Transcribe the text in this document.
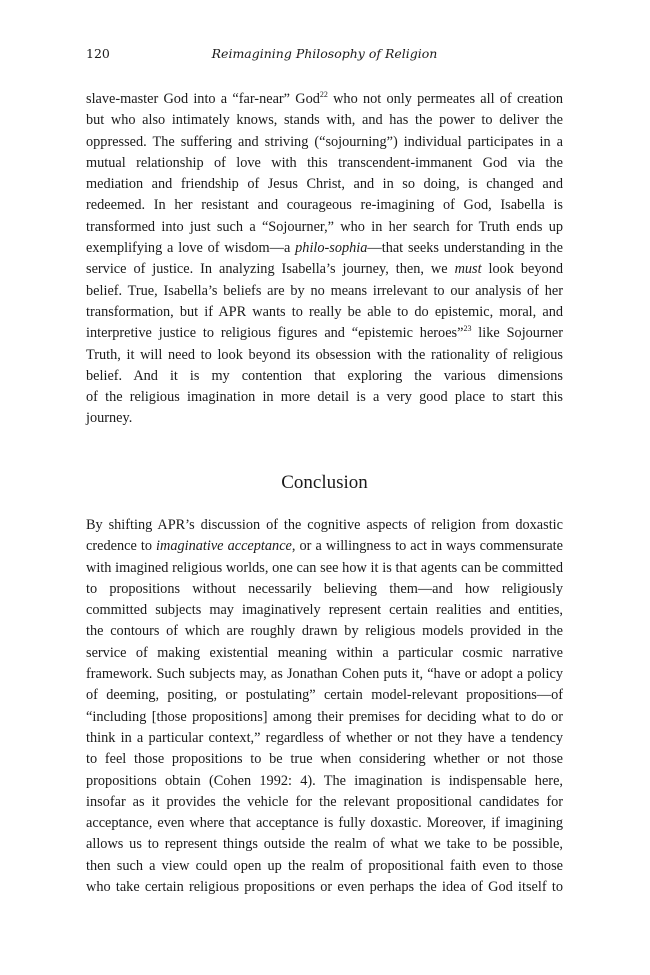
120	Reimagining Philosophy of Religion
slave-master God into a “far-near” God$^{22}$ who not only permeates all of creation
but who also intimately knows, stands with, and has the power to deliver the
oppressed. The suffering and striving (“sojourning”) individual participates in a
mutual relationship of love with this transcendent-immanent God via the
mediation and friendship of Jesus Christ, and in so doing, is changed and
redeemed. In her resistant and courageous re-imagining of God, Isabella is
transformed into just such a “Sojourner,” who in her search for Truth ends up
exemplifying a love of wisdom—a philo-sophia—that seeks understanding in the
service of justice. In analyzing Isabella’s journey, then, we must look beyond
belief. True, Isabella’s beliefs are by no means irrelevant to our analysis of her
transformation, but if APR wants to really be able to do epistemic, moral, and
interpretive justice to religious figures and “epistemic heroes”$^{23}$ like Sojourner
Truth, it will need to look beyond its obsession with the rationality of religious
belief. And it is my contention that exploring the various dimensions
of the religious imagination in more detail is a very good place to start this
journey.
Conclusion
By shifting APR’s discussion of the cognitive aspects of religion from doxastic
credence to imaginative acceptance, or a willingness to act in ways commensurate
with imagined religious worlds, one can see how it is that agents can be committed
to propositions without necessarily believing them—and how religiously
committed subjects may imaginatively represent certain realities and entities,
the contours of which are roughly drawn by religious models provided in the
service of making existential meaning within a particular cosmic narrative
framework. Such subjects may, as Jonathan Cohen puts it, “have or adopt a policy
of deeming, positing, or postulating” certain model-relevant propositions—of
“including [those propositions] among their premises for deciding what to do or
think in a particular context,” regardless of whether or not they have a tendency
to feel those propositions to be true when considering whether or not those
propositions obtain (Cohen 1992: 4). The imagination is indispensable here,
insofar as it provides the vehicle for the relevant propositional candidates for
acceptance, even where that acceptance is fully doxastic. Moreover, if imagining
allows us to represent things outside the realm of what we take to be possible,
then such a view could open up the realm of propositional faith even to those
who take certain religious propositions or even perhaps the idea of God itself to
